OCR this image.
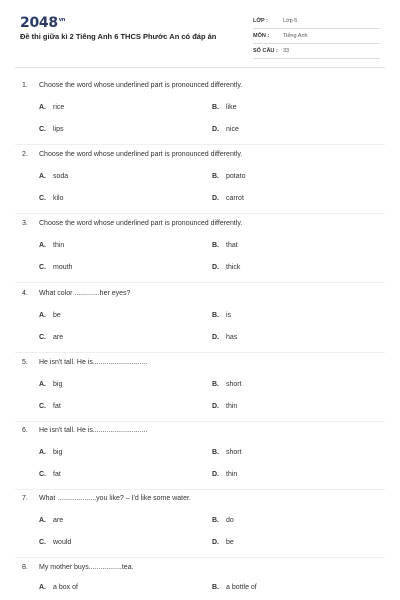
$2048^{vn}$
Đề thi giữa kì 2 Tiếng Anh 6 THCS Phước An có đáp án
LỚP :	Lớp 6
MÔN :	Tiếng Anh
SỐ CÂU : 33
1. Choose the word whose underlined part is pronounced differently.
A. rice	B. like
C. lips	D. nice
2. Choose the word whose underlined part is pronounced differently.
A. soda	B. potato
C. kilo	D. carrot
3. Choose the word whose underlined part is pronounced differently.
A. thin	B. that
C. mouth	D. thick
4. What color .............her eyes?
A. be	B. is
C. are	D. has
5. He isn't tall. He is............................
A. big	B. short
C. fat	D. thin
6. He isn't tall. He is............................
A. big	B. short
C. fat	D. thin
7. What ....................you like? – I'd like some water.
A. are	B. do
C. would	D. be
8. My mother buys.................tea.
A. a box of	B. a bottle of
